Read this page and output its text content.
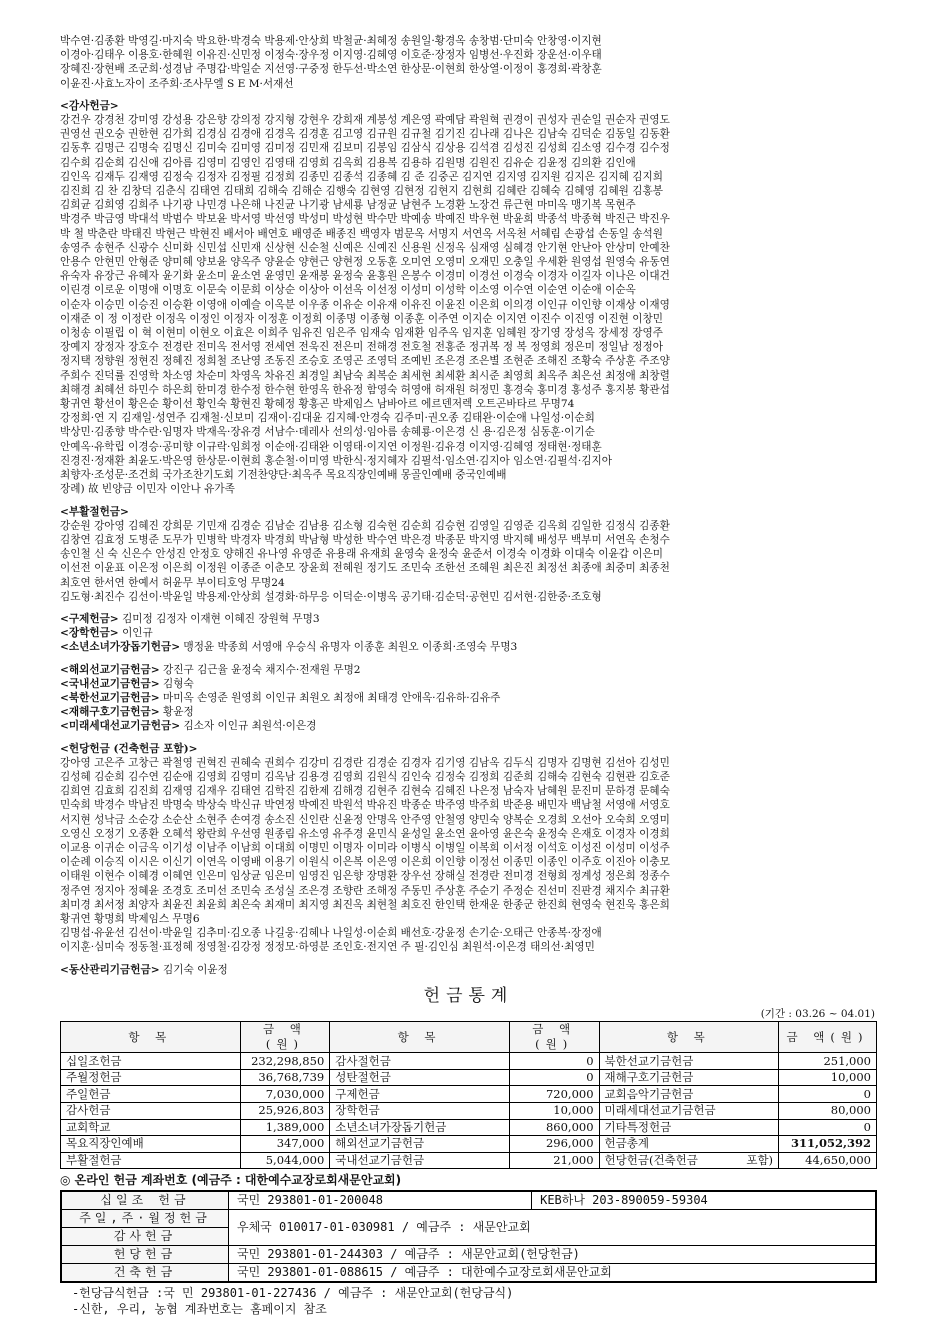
박수연·김종환 박영길·마지숙 박요한·박경숙 박용제·안상희 박철균·최혜정 송원일·황경옥 송창범·단미숙 안창영·이지현

이경아·김태우 이용호·한혜원 이유진·신민정 이정숙·장우정 이지영·김혜영 이호준·장정자 임병선·우진화 장운선·이우태

장혜진·장현배 조군희·성경남 주명갑·박일순 지선영·구중정 한두선·박소연 한상문·이현희 한상열·이정이 홍경희·곽창훈

이윤진·사효노자이 조주희·조사무엘 S E M·서재선

<감사헌금>

강건우 강경천 강미영 강성용 강은향 강의정 강지형 강현우 강희재 계봉성 계은영 곽예담 곽원혁 권경이 권성자 권순일 권순자 권영도

권영선 권오숭 권한현 김가희 김경심 김경애 김경옥 김경훈 김고영 김규원 김규철 김기진 김나래 김나은 김남숙 김덕순 김동일 김동환

김동후 김명근 김명숙 김명신 김미숙 김미영 김미정 김민재 김보미 김봉임 김삼식 김상용 김석겸 김성진 김성희 김소영 김수경 김수정

김수희 김순희 김신애 김아름 김영미 김영인 김영태 김영희 김옥희 김용복 김용하 김원명 김원진 김유순 김윤정 김의환 김인애

김인옥 김재두 김재영 김정숙 김정자 김정필 김정희 김종민 김종석 김종혜 김 준 김중곤 김지연 김지영 김지원 김지은 김지혜 김지희

김진희 김 찬 김창덕 김춘식 김태연 김태희 김해숙 김해순 김행숙 김현영 김현정 김현지 김현희 김혜란 김혜숙 김혜영 김혜원 김홍봉

김희균 김희영 김희주 나기광 나민경 나은해 나진균 나기광 남세룡 남정균 남현주 노경환 노장건 류근현 마미옥 맹기복 목현주

박경주 박금영 박대석 박범수 박보윤 박서영 박선영 박성미 박성현 박수만 박예송 박예진 박우현 박윤희 박종석 박종혁 박진근 박진우

박 철 박춘란 박태진 박현근 박현진 배서아 배연호 배영준 배종진 백영자 범문옥 서명지 서연옥 서옥천 서혜림 손광섭 손동일 송석원

송영주 송현주 신광수 신미화 신민섭 신민재 신상현 신순철 신예은 신예진 신용원 신정옥 심재영 심혜경 안기현 안난아 안상미 안예찬

안용수 안현민 안형준 양미혜 양보윤 양옥주 양윤순 양현근 양현정 오동훈 오미연 오영미 오재민 오충일 우세환 원영섭 원영숙 유동연

유숙자 유장근 유혜자 윤기화 윤소미 윤소연 윤영민 윤재봉 윤정숙 윤홍원 은봉수 이경미 이경선 이경숙 이경자 이길자 이나은 이대건

이린경 이로운 이명애 이명호 이문숙 이문희 이상순 이상아 이선옥 이선정 이성미 이성학 이소영 이수연 이순연 이순애 이순옥

이순자 이승민 이승진 이승환 이영애 이예슬 이옥분 이우종 이유순 이유재 이유진 이윤진 이은희 이의경 이인규 이인향 이재상 이재영

이재준 이 정 이정란 이정옥 이정인 이정자 이정훈 이정희 이종명 이종형 이종훈 이주연 이지순 이지연 이진수 이진영 이진현 이창민

이청송 이필립 이 혁 이현미 이현오 이효은 이희주 임유진 임은주 임재숙 임재환 임주옥 임지훈 임혜원 장기영 장성옥 장세정 장영주

장예지 장정자 장호수 전경란 전미옥 전서영 전세연 전욱진 전은미 전해경 전호철 전홍준 정귀복 정 복 정영희 정은미 정일남 정정아

정지택 정향원 정현진 정혜진 정희철 조난영 조동진 조승호 조영곤 조영덕 조예빈 조은경 조은별 조현준 조해진 조황숙 주상훈 주조양

주희수 진덕률 진영학 차소영 차순미 차영옥 차유진 최경일 최남숙 최복순 최세현 최세환 최시준 최영희 최옥주 최은선 최정애 최창렬

최해경 최혜선 하민수 하은희 한미경 한수정 한수현 한영옥 한유정 함영숙 허영애 허재원 허정민 홍경숙 홍미경 홍성주 홍지봉 황관섭

황귀연 황선이 황은순 황이선 황인숙 황현진 황혜정 황홍곤 박제임스 남바아르 에르덴저렉 오트곤바타르 무명74

강정희·연 지 김재일·성연주 김재철·신보미 김재이·김대윤 김지혜·안경숙 김주미·권오종 김태완·이순애 나일성·이순희

박상민·김종향 박수란·임명자 박재옥·장유경 서남수·데레사 선의성·임아름 송혜룡·이은경 신 용·김은정 심동훈·이기순

안예옥·유학립 이경승·공미향 이규락·임희정 이순애·김태완 이영태·이지연 이정원·김유경 이지영·김혜영 정태현·정태훈

진경진·정재환 최윤도·박은영 한상문·이현희 홍순철·이미영 박한식·정지혜자 김필석·임소연·김지아 임소연·김필석·김지아

최향자·조성문·조건희 국가조찬기도회 기전찬양단·최옥주 목요직장인예배 몽골인예배 중국인예배

장례) 故 빈양금 이민자 이안나 유가족

<부활절헌금>

강순원 강아영 김혜진 강희문 기민재 김경순 김남순 김남용 김소형 김숙현 김순희 김승현 김영일 김영준 김옥희 김일한 김정식 김종환

김창연 김효정 도병준 도무가 민병학 박경자 박경희 박남형 박성한 박수연 박은경 박종문 박지영 박지혜 배성무 백부미 서연옥 손청수

송인철 신 숙 신은수 안성진 안정호 양해진 유나영 유영준 유용래 유재희 윤영숙 윤정숙 윤준서 이경숙 이경화 이대숙 이윤갑 이은미

이선전 이윤표 이은정 이은희 이정원 이종준 이춘모 장윤희 전혜원 정기도 조민숙 조한선 조혜원 최은진 최정선 최종애 최중미 최종천

최호연 한서연 한예서 허윤무 부이티호엉 무명24

김도형·최진수 김선이·박윤일 박용제·안상희 설경화·하무응 이덕순·이병옥 공기태·김순덕·공현민 김서현·김한중·조호형

<구제헌금> 김미정 김정자 이재현 이혜진 장원혁 무명3
<장학헌금> 이인규
<소년소녀가장돕기헌금> 맹정윤 박종희 서영애 우승식 유명자 이종훈 최원오 이종희·조영숙 무명3
<해외선교기금헌금> 강진구 김근율 윤정숙 채지수·전재원 무명2
<국내선교기금헌금> 김형숙
<북한선교기금헌금> 마미옥 손영준 원영희 이인규 최원오 최정애 최태경 안애옥·김유하·김유주
<재해구호기금헌금> 황윤정
<미래세대선교기금헌금> 김소자 이인규 최원석·이은경
<헌당헌금 (건축헌금 포함)>

강아영 고은주 고창근 곽철영 권혁진 권혜숙 권희수 김강미 김경란 김경순 김경자 김기영 김남옥 김두식 김명자 김명현 김선아 김성민

김성혜 김순희 김수연 김순애 김영희 김영미 김옥남 김용경 김영희 김원식 김인숙 김정숙 김정희 김준희 김해숙 김현숙 김현관 김호준

김희연 김효희 김진희 김재영 김재우 김태연 김학진 김한제 김해경 김현주 김현숙 김혜진 나은정 남숙자 남혜원 문진미 문하경 문혜숙

민숙희 박경수 박남진 박명숙 박상숙 박신규 박연정 박예진 박원석 박유진 박종순 박주영 박주희 박준용 배민자 백남철 서영애 서영호

서지현 성낙금 소순강 소순산 소현주 손여경 송소진 신인란 신윤정 안명옥 안주영 안철영 양민숙 양복순 오경희 오선아 오숙희 오영미

오영신 오정기 오종환 오혜석 왕란희 우선영 원종림 유소영 유주경 윤민식 윤성일 윤소연 윤아영 윤은숙 윤정숙 은재호 이경자 이경희

이교용 이귀순 이금옥 이기성 이남주 이남희 이대희 이명민 이명자 이미라 이병식 이병일 이복희 이서정 이석호 이성진 이성미 이성주

이순례 이승직 이시은 이신기 이연옥 이영배 이용기 이원식 이은복 이은영 이은희 이인향 이정선 이종민 이종인 이주호 이진아 이충모

이태원 이현수 이혜경 이혜연 인은미 임상균 임은미 임영진 임은향 장명환 장우선 장해실 전경란 전미경 전형희 정계성 정은희 정종수

정주연 정지아 정혜윤 조경호 조미선 조민숙 조성실 조은경 조향란 조해정 주동민 주상훈 주순기 주정순 진선미 진판경 채지수 최규환

최미경 최서정 최양자 최윤진 최윤희 최은숙 최재미 최지영 최진옥 최현철 최호진 한인택 한재운 한종군 한진희 현영숙 현진욱 홍은희

황귀연 황명희 박제임스 무명6

김명섭·유윤선 김선이·박윤일 김추미·김오종 나길웅·김혜나 나일성·이순희 배선호·강윤정 손기순·오태근 안종복·장정애

이지훈·심미숙 정동철·표정혜 정영철·김강정 정정모·하영분 조인호·전지연 주 필·김인심 최원석·이은경 태의선·최영민

<동산관리기금헌금> 김기숙 이윤정
헌금통계
(기간 : 03.26 ~ 04.01)
항 목	금 액(원)	항 목	금 액(원)	항 목	금 액(원)
십일조헌금	232,298,850	감사절헌금	0	북한선교기금헌금	251,000
주월정헌금	36,768,739	성탄절헌금	0	재해구호기금헌금	10,000
주일헌금	7,030,000	구제헌금	720,000	교회음악기금헌금	0
감사헌금	25,926,803	장학헌금	10,000	미래세대선교기금헌금	80,000
교회학교	1,389,000	소년소녀가장돕기헌금	860,000	기타특정헌금	0
목요직장인예배	347,000	해외선교기금헌금	296,000	헌금총계	311,052,392
부활절헌금	5,044,000	국내선교기금헌금	21,000	헌당헌금(건축헌금 포함)	44,650,000
◎ 온라인 헌금 계좌번호 (예금주 : 대한예수교장로회새문안교회)
십일조 헌금	국민 293801-01-200048	KEB하나 203-890059-59304
주일,주·월정헌금	우체국 010017-01-030981 / 예금주 : 새문안교회	
감사헌금		
헌당헌금	국민 293801-01-244303 / 예금주 : 새문안교회(헌당헌금)	
건축헌금	국민 293801-01-088615 / 예금주 : 대한예수교장로회새문안교회	
-헌당금식헌금 :국 민 293801-01-227436 / 예금주 : 새문안교회(헌당금식)
-신한, 우리, 농협 계좌번호는 홈페이지 참조
